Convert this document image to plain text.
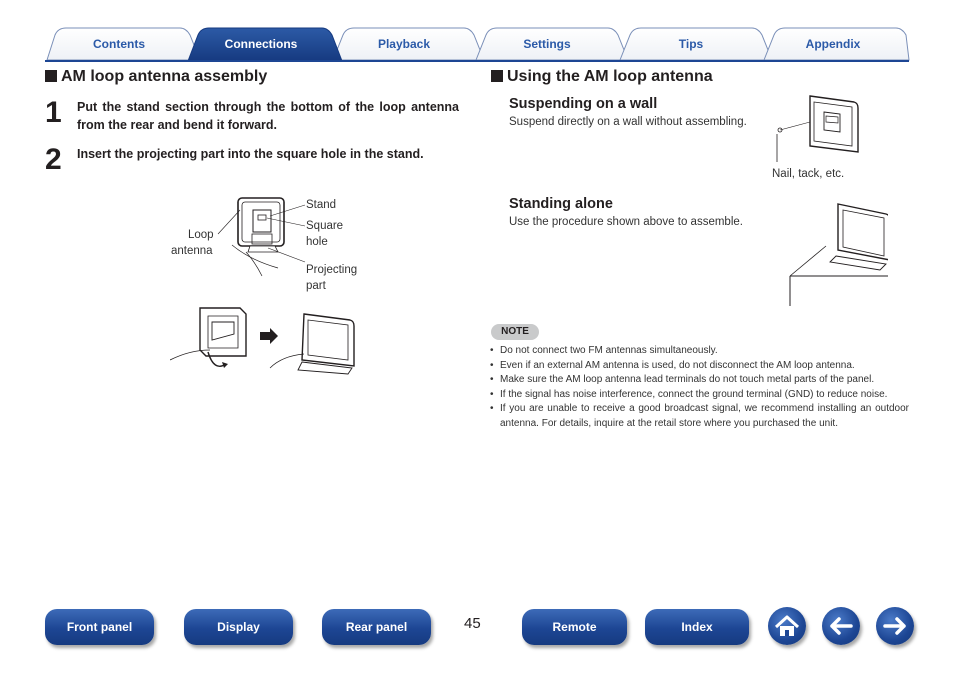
Contents	Connections	Playback	Settings	Tips	Appendix
AM loop antenna assembly
1 Put the stand section through the bottom of the loop antenna from the rear and bend it forward.
2 Insert the projecting part into the square hole in the stand.
Stand
Square
hole
Loop
antenna
Projecting
part
Using the AM loop antenna
Suspending on a wall
Suspend directly on a wall without assembling.
Nail, tack, etc.
Standing alone
Use the procedure shown above to assemble.
NOTE
• Do not connect two FM antennas simultaneously.
• Even if an external AM antenna is used, do not disconnect the AM loop antenna.
• Make sure the AM loop antenna lead terminals do not touch metal parts of the panel.
• If the signal has noise interference, connect the ground terminal (GND) to reduce noise.
• If you are unable to receive a good broadcast signal, we recommend installing an outdoor antenna. For details, inquire at the retail store where you purchased the unit.
Front panel	Display	Rear panel	45	Remote	Index
